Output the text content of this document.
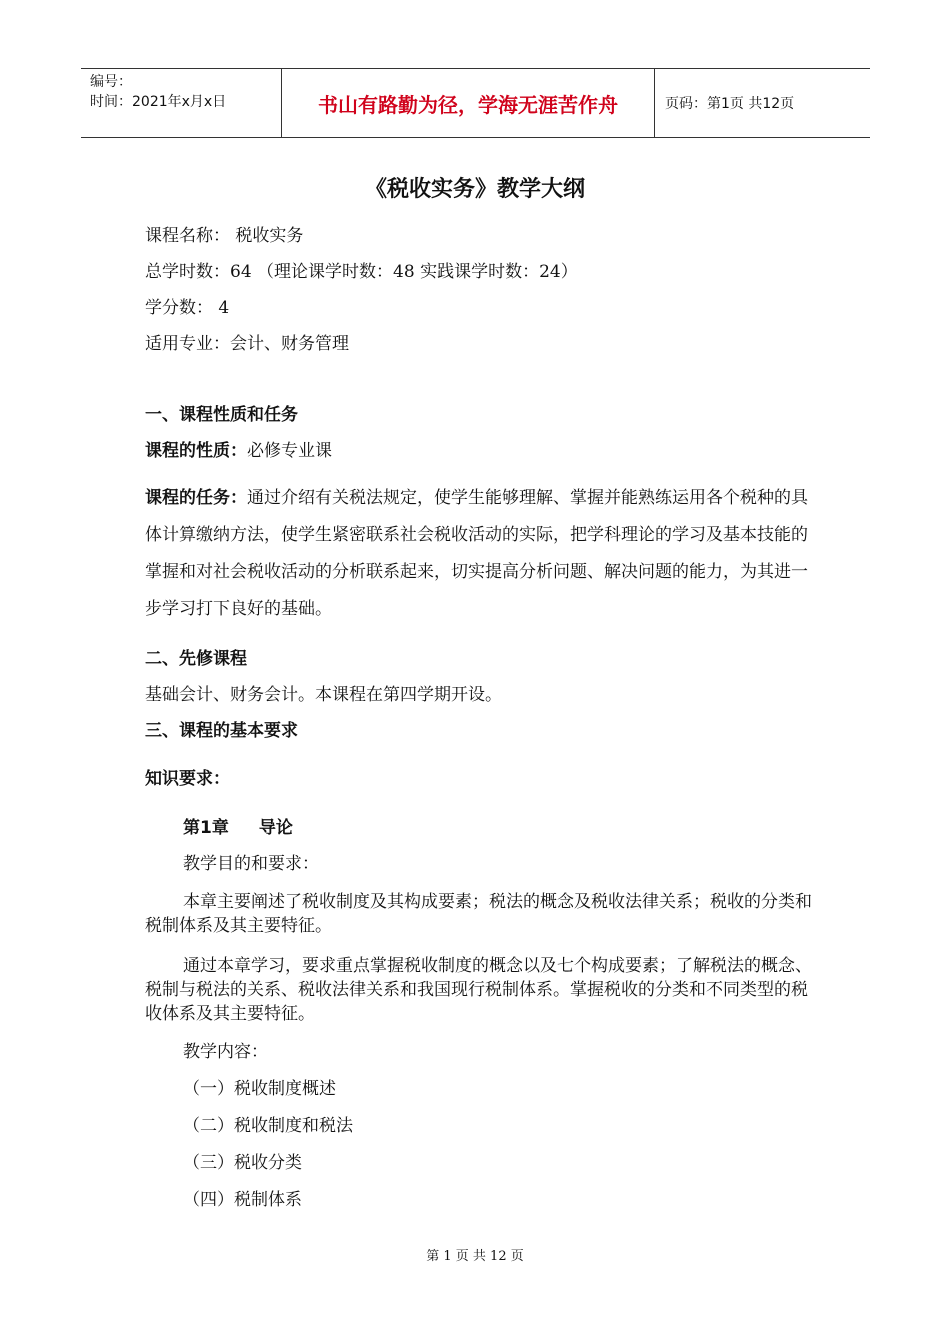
编号：
时间：2021年x月x日	书山有路勤为径，学海无涯苦作舟	页码：第1页 共12页
《税收实务》教学大纲
课程名称： 税收实务
总学时数：64 （理论课学时数：48 实践课学时数：24）
学分数： 4
适用专业：会计、财务管理
一、课程性质和任务
课程的性质：必修专业课
课程的任务：通过介绍有关税法规定，使学生能够理解、掌握并能熟练运用各个税种的具体计算缴纳方法，使学生紧密联系社会税收活动的实际，把学科理论的学习及基本技能的掌握和对社会税收活动的分析联系起来，切实提高分析问题、解决问题的能力，为其进一步学习打下良好的基础。
二、先修课程
基础会计、财务会计。本课程在第四学期开设。
三、课程的基本要求
知识要求：
第1章 导论
教学目的和要求：
本章主要阐述了税收制度及其构成要素；税法的概念及税收法律关系；税收的分类和税制体系及其主要特征。
通过本章学习，要求重点掌握税收制度的概念以及七个构成要素；了解税法的概念、税制与税法的关系、税收法律关系和我国现行税制体系。掌握税收的分类和不同类型的税收体系及其主要特征。
教学内容：
（一）税收制度概述
（二）税收制度和税法
（三）税收分类
（四）税制体系
第 1 页 共 12 页
